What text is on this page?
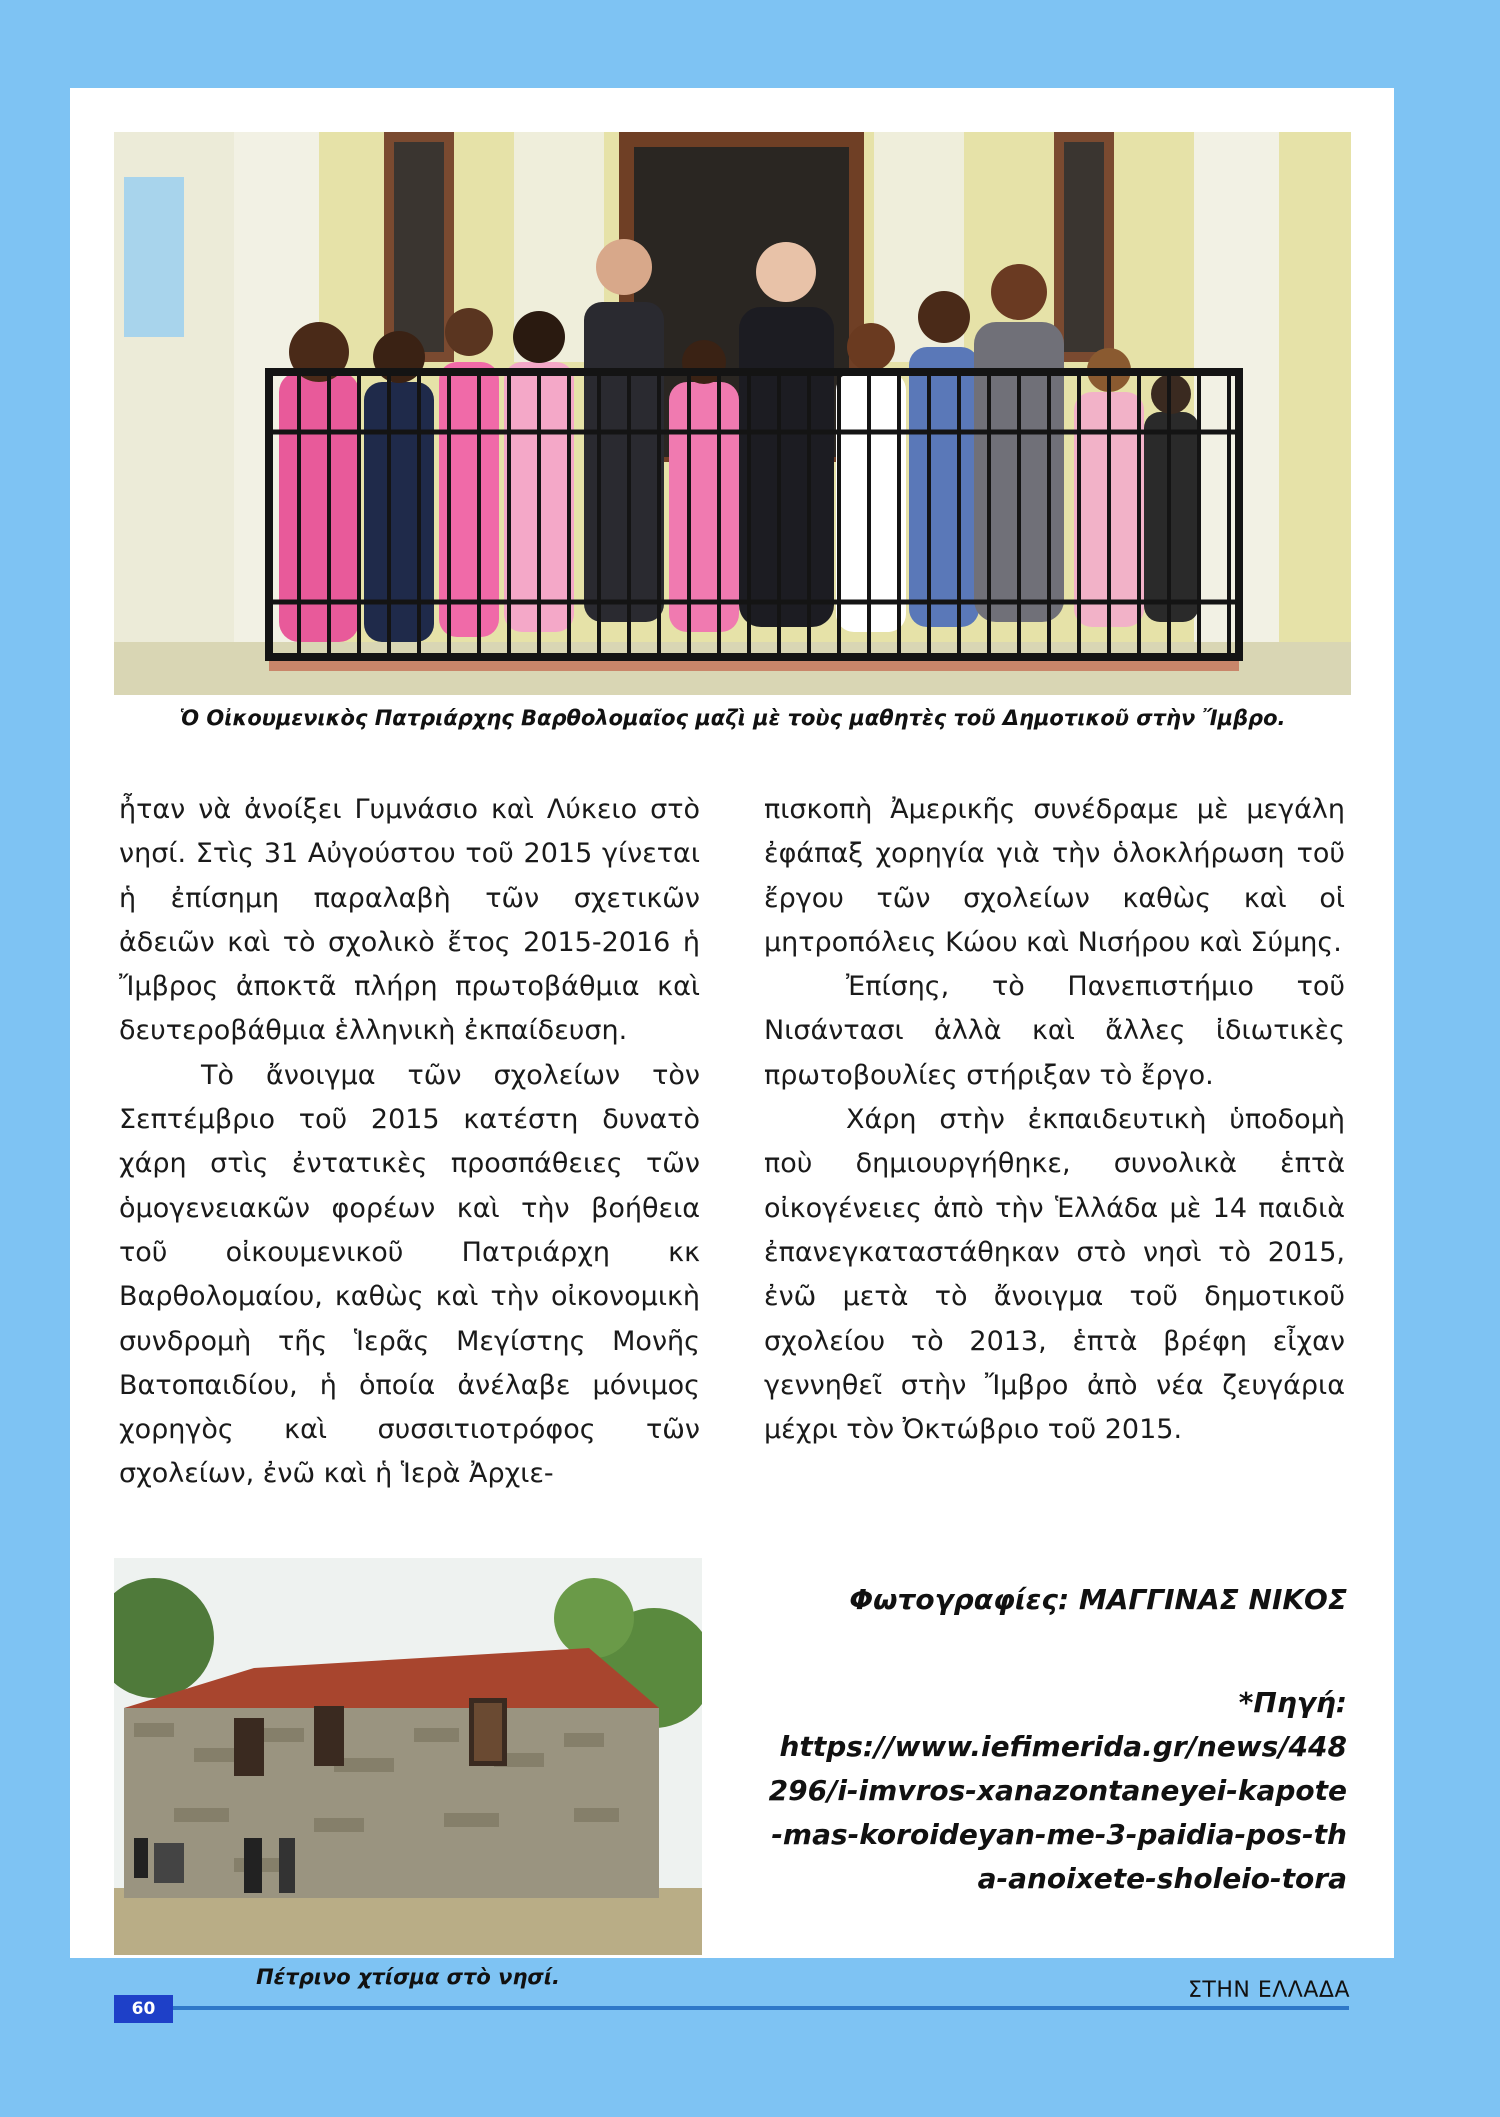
Ὁ Οἰκουμενικὸς Πατριάρχης Βαρθολομαῖος μαζὶ μὲ τοὺς μαθητὲς τοῦ Δημοτικοῦ στὴν Ἴμβρο.

ἦταν νὰ ἀνοίξει Γυμνάσιο καὶ Λύκειο στὸ νησί. Στὶς 31 Αὐγούστου τοῦ 2015 γίνεται ἡ ἐπίσημη παραλαβὴ τῶν σχετικῶν ἀδειῶν καὶ τὸ σχολικὸ ἔτος 2015-2016 ἡ Ἴμβρος ἀποκτᾶ πλήρη πρωτοβάθμια καὶ δευτεροβάθμια ἑλληνικὴ ἐκπαίδευση.

Τὸ ἄνοιγμα τῶν σχολείων τὸν Σεπτέμβριο τοῦ 2015 κατέστη δυνατὸ χάρη στὶς ἐντατικὲς προσπάθειες τῶν ὁμογενειακῶν φορέων καὶ τὴν βοήθεια τοῦ οἰκουμενικοῦ Πατριάρχη κκ Βαρθολομαίου, καθὼς καὶ τὴν οἰκονομικὴ συνδρομὴ τῆς Ἱερᾶς Μεγίστης Μονῆς Βατοπαιδίου, ἡ ὁποία ἀνέλαβε μόνιμος χορηγὸς καὶ συσσιτιοτρόφος τῶν σχολείων, ἐνῶ καὶ ἡ Ἱερὰ Ἀρχιε-

πισκοπὴ Ἀμερικῆς συνέδραμε μὲ μεγάλη ἐφάπαξ χορηγία γιὰ τὴν ὁλοκλήρωση τοῦ ἔργου τῶν σχολείων καθὼς καὶ οἱ μητροπόλεις Κώου καὶ Νισήρου καὶ Σύμης.

Ἐπίσης, τὸ Πανεπιστήμιο τοῦ Νισάντασι ἀλλὰ καὶ ἄλλες ἰδιωτικὲς πρωτοβουλίες στήριξαν τὸ ἔργο.

Χάρη στὴν ἐκπαιδευτικὴ ὑποδομὴ ποὺ δημιουργήθηκε, συνολικὰ ἑπτὰ οἰκογένειες ἀπὸ τὴν Ἑλλάδα μὲ 14 παιδιὰ ἐπανεγκαταστάθηκαν στὸ νησὶ τὸ 2015, ἐνῶ μετὰ τὸ ἄνοιγμα τοῦ δημοτικοῦ σχολείου τὸ 2013, ἑπτὰ βρέφη εἶχαν γεννηθεῖ στὴν Ἴμβρο ἀπὸ νέα ζευγάρια μέχρι τὸν Ὀκτώβριο τοῦ 2015.

Πέτρινο χτίσμα στὸ νησί.
Φωτογραφίες: ΜΑΓΓΙΝΑΣ ΝΙΚΟΣ
*Πηγή:
https://www.iefimerida.gr/news/448296/i-imvros-xanazontaneyei-kapote-mas-koroideyan-me-3-paidia-pos-tha-anoixete-sholeio-tora
60
ΣΤΗΝ ΕΛΛΑΔΑ
